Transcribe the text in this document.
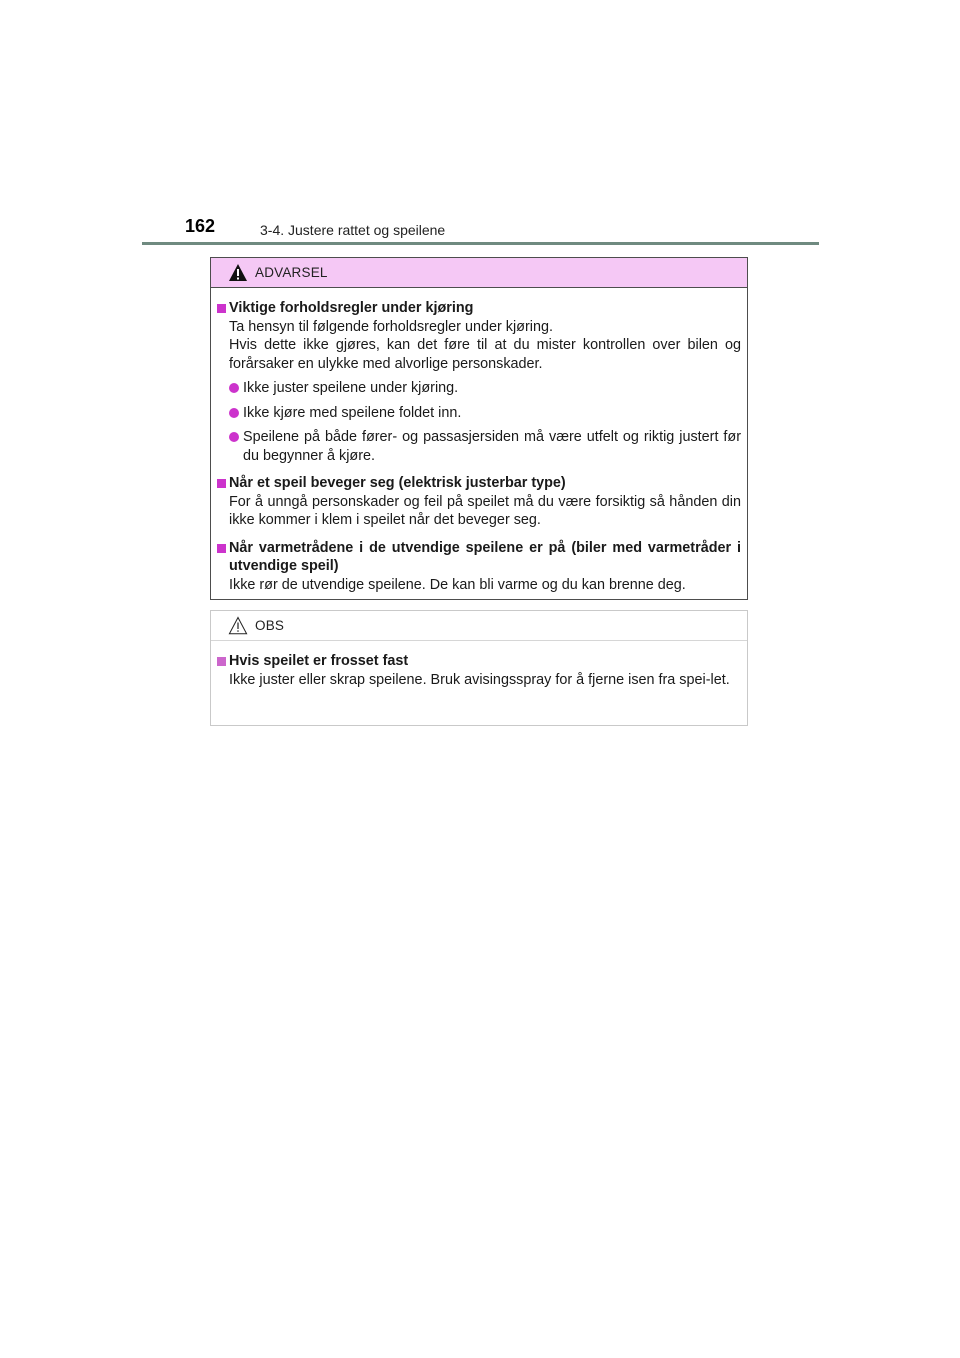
162	3-4. Justere rattet og speilene
ADVARSEL
Viktige forholdsregler under kjøring
Ta hensyn til følgende forholdsregler under kjøring.
Hvis dette ikke gjøres, kan det føre til at du mister kontrollen over bilen og forårsaker en ulykke med alvorlige personskader.
Ikke juster speilene under kjøring.
Ikke kjøre med speilene foldet inn.
Speilene på både fører- og passasjersiden må være utfelt og riktig justert før du begynner å kjøre.
Når et speil beveger seg (elektrisk justerbar type)
For å unngå personskader og feil på speilet må du være forsiktig så hånden din ikke kommer i klem i speilet når det beveger seg.
Når varmetrådene i de utvendige speilene er på (biler med varmetråder i utvendige speil)
Ikke rør de utvendige speilene. De kan bli varme og du kan brenne deg.
OBS
Hvis speilet er frosset fast
Ikke juster eller skrap speilene. Bruk avisingsspray for å fjerne isen fra spei-let.
